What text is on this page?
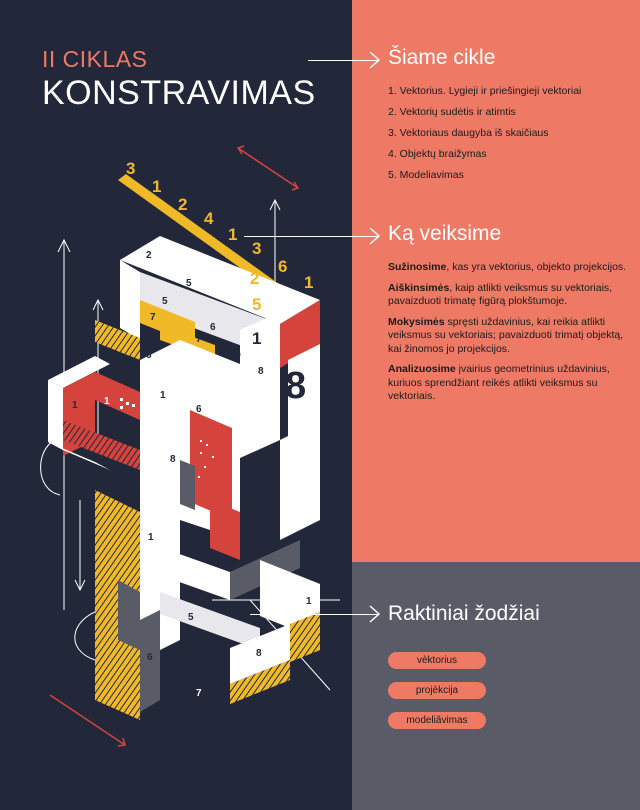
II CIKLAS
KONSTRAVIMAS
3
1
2
4
1
3
6
1
2
5
5
7
7
6
2
5
1
6
1
1
6
8
8
1
5
1
8
7
1
3
6
4
1
8
Šiame cikle
1. Vektorius. Lygieji ir priešingieji vektoriai
2. Vektorių sudėtis ir atimtis
3. Vektoriaus daugyba iš skaičiaus
4. Objektų braižymas
5. Modeliavimas
Ką veiksime

Sužinosime, kas yra vektorius, objekto projekcijos.

Aiškinsimės, kaip atlikti veiksmus su vektoriais, pavaizduoti trimatę figūrą plokštumoje.

Mokysimės spręsti uždavinius, kai reikia atlikti veiksmus su vektoriais; pavaizduoti trimatį objektą, kai žinomos jo projekcijos.

Analizuosime įvairius geometrinius uždavinius, kuriuos sprendžiant reikės atlikti veiksmus su vektoriais.

Raktiniai žodžiai
vèktorius
projèkcija
modeliãvimas
